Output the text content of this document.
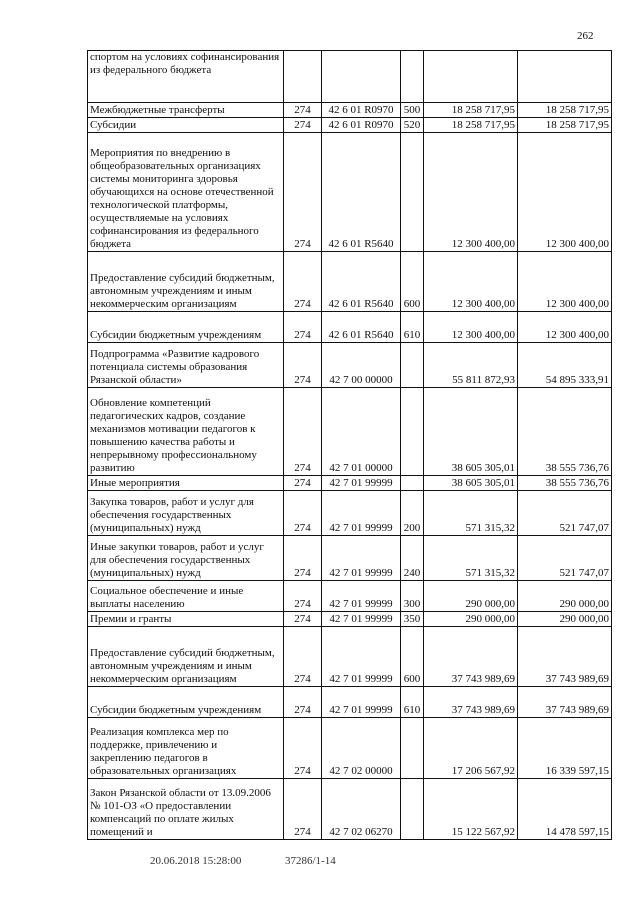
262
спортом на условиях софинансирования из федерального бюджета					
Межбюджетные трансферты	274	42 6 01 R0970	500	18 258 717,95	18 258 717,95
Субсидии	274	42 6 01 R0970	520	18 258 717,95	18 258 717,95
Мероприятия по внедрению в общеобразовательных организациях системы мониторинга здоровья обучающихся на основе отечественной технологической платформы, осуществляемые на условиях софинансирования из федерального бюджета	274	42 6 01 R5640		12 300 400,00	12 300 400,00
Предоставление субсидий бюджетным, автономным учреждениям и иным некоммерческим организациям	274	42 6 01 R5640	600	12 300 400,00	12 300 400,00
Субсидии бюджетным учреждениям	274	42 6 01 R5640	610	12 300 400,00	12 300 400,00
Подпрограмма «Развитие кадрового потенциала системы образования Рязанской области»	274	42 7 00 00000		55 811 872,93	54 895 333,91
Обновление компетенций педагогических кадров, создание механизмов мотивации педагогов к повышению качества работы и непрерывному профессиональному развитию	274	42 7 01 00000		38 605 305,01	38 555 736,76
Иные мероприятия	274	42 7 01 99999		38 605 305,01	38 555 736,76
Закупка товаров, работ и услуг для обеспечения государственных (муниципальных) нужд	274	42 7 01 99999	200	571 315,32	521 747,07
Иные закупки товаров, работ и услуг для обеспечения государственных (муниципальных) нужд	274	42 7 01 99999	240	571 315,32	521 747,07
Социальное обеспечение и иные выплаты населению	274	42 7 01 99999	300	290 000,00	290 000,00
Премии и гранты	274	42 7 01 99999	350	290 000,00	290 000,00
Предоставление субсидий бюджетным, автономным учреждениям и иным некоммерческим организациям	274	42 7 01 99999	600	37 743 989,69	37 743 989,69
Субсидии бюджетным учреждениям	274	42 7 01 99999	610	37 743 989,69	37 743 989,69
Реализация комплекса мер по поддержке, привлечению и закреплению педагогов в образовательных организациях	274	42 7 02 00000		17 206 567,92	16 339 597,15
Закон Рязанской области от 13.09.2006 № 101-ОЗ «О предоставлении компенсаций по оплате жилых помещений и	274	42 7 02 06270		15 122 567,92	14 478 597,15
20.06.2018 15:28:00	37286/1-14
